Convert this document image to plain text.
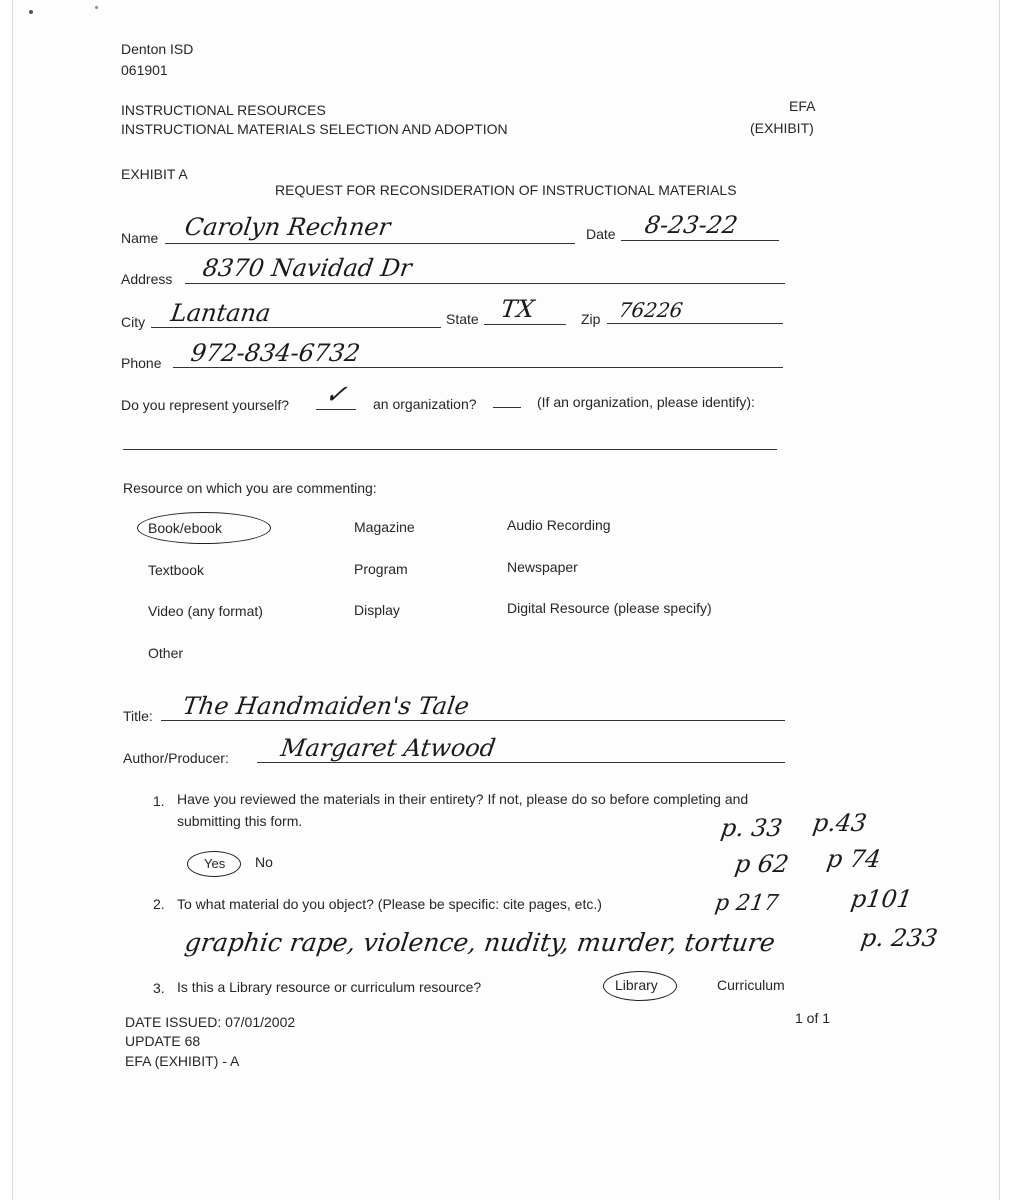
Denton ISD
061901
INSTRUCTIONAL RESOURCES
INSTRUCTIONAL MATERIALS SELECTION AND ADOPTION
EFA
(EXHIBIT)
EXHIBIT A
REQUEST FOR RECONSIDERATION OF INSTRUCTIONAL MATERIALS
Name Carolyn Rechner	Date 8-23-22
Address 8370 Navidad Dr
City Lantana	State TX	Zip 76226
Phone 972-834-6732
Do you represent yourself? ✓ an organization?	(If an organization, please identify):
Resource on which you are commenting:
Book/ebook	Magazine	Audio Recording
Textbook	Program	Newspaper
Video (any format)	Display	Digital Resource (please specify)
Other
Title: The Handmaiden's Tale
Author/Producer: Margaret Atwood
1. Have you reviewed the materials in their entirety? If not, please do so before completing and
submitting this form.
Yes No
p. 33 p.43
p 62 p 74
p 217	p101
2. To what material do you object? (Please be specific: cite pages, etc.)
graphic rape, violence, nudity, murder, torture	p. 233
3. Is this a Library resource or curriculum resource?	Library	Curriculum
DATE ISSUED: 07/01/2002
UPDATE 68
EFA (EXHIBIT) - A
1 of 1
